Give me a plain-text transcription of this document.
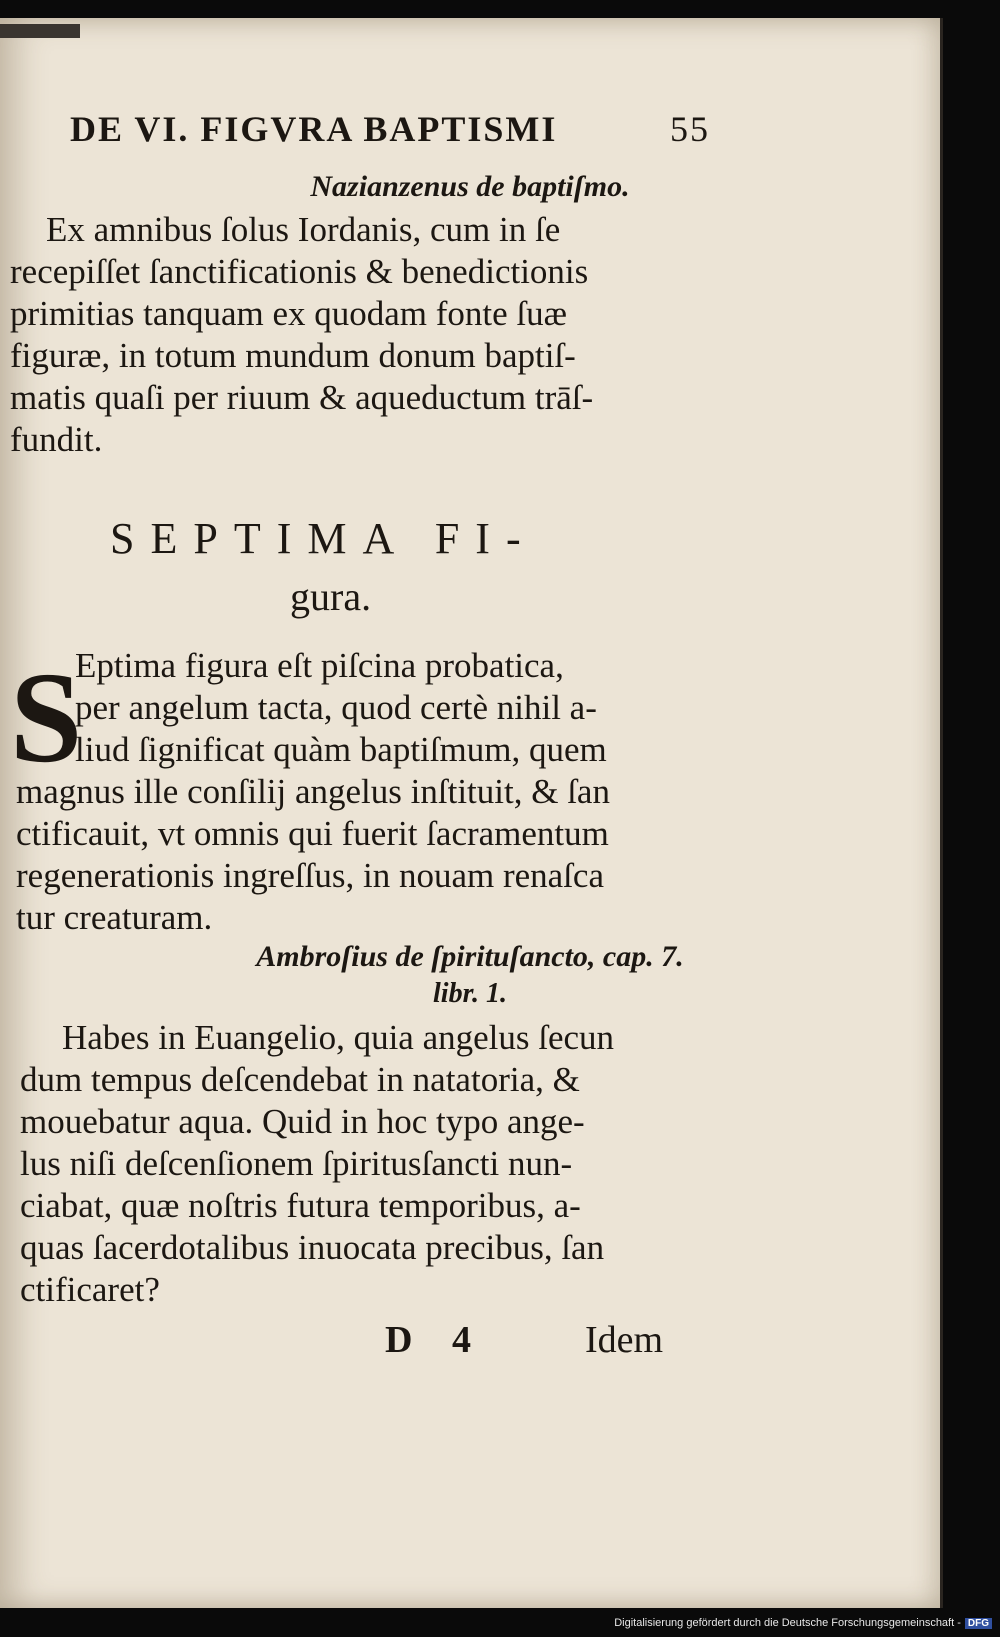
DE VI. FIGVRA BAPTISMI	55
Nazianzenus de baptiſmo.
Ex amnibus ſolus Iordanis, cum in ſe
recepiſſet ſanctificationis & benedictionis
primitias tanquam ex quodam fonte ſuæ
figuræ, in totum mundum donum baptiſ-
matis quaſi per riuum & aqueductum trāſ-
fundit.
SEPTIMA FI-
gura.
S
Eptima figura eſt piſcina probatica,
per angelum tacta, quod certè nihil a-
liud ſignificat quàm baptiſmum, quem
magnus ille conſilij angelus inſtituit, & ſan
ctificauit, vt omnis qui fuerit ſacramentum
regenerationis ingreſſus, in nouam renaſca
tur creaturam.
Ambroſius de ſpirituſancto, cap. 7.
libr. 1.
Habes in Euangelio, quia angelus ſecun
dum tempus deſcendebat in natatoria, &
mouebatur aqua. Quid in hoc typo ange-
lus niſi deſcenſionem ſpiritusſancti nun-
ciabat, quæ noſtris futura temporibus, a-
quas ſacerdotalibus inuocata precibus, ſan
ctificaret?
D 4	Idem
Digitalisierung gefördert durch die Deutsche Forschungsgemeinschaft - DFG
